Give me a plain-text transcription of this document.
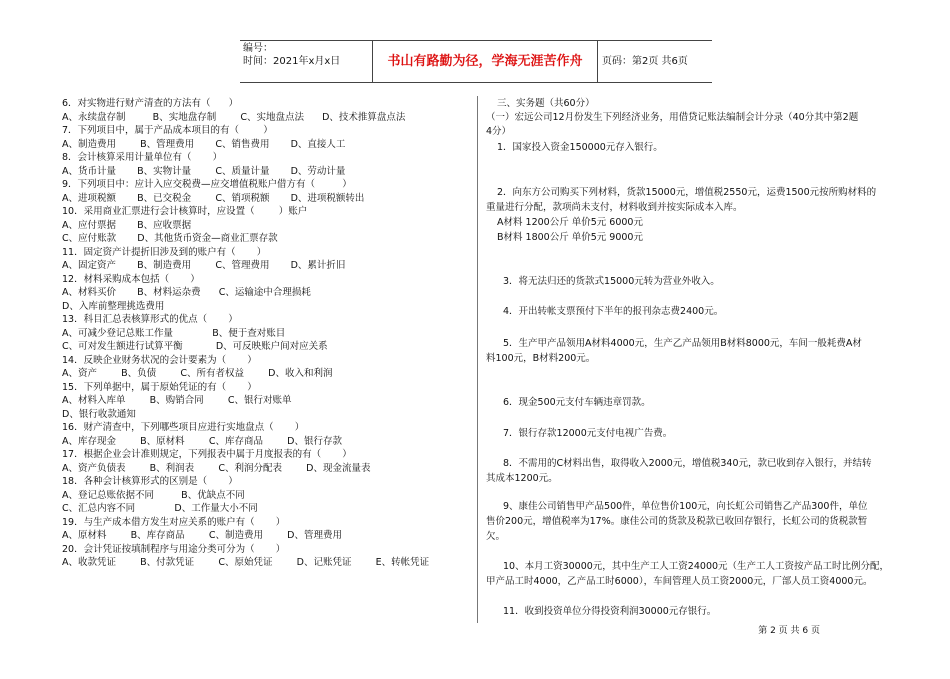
编号：
时间：2021年x月x日	书山有路勤为径，学海无涯苦作舟	页码：第2页 共6页
6．对实物进行财产清查的方法有（      ）
A、永续盘存制         B、实地盘存制        C、实地盘点法      D、技术推算盘点法
7．下列项目中，属于产品成本项目的有（        ）
A、制造费用        B、管理费用       C、销售费用       D、直接人工
8．会计核算采用计量单位有（       ）
A、货币计量       B、实物计量        C、质量计量       D、劳动计量
9．下列项目中：应计入应交税费—应交增值税账户借方有（         ）
A、进项税额       B、已交税金        C、销项税额       D、进项税额转出
10．采用商业汇票进行会计核算时，应设置（        ）账户
A、应付票据       B、应收票据
C、应付账款       D、其他货币资金—商业汇票存款
11．固定资产计提折旧涉及到的账户有（       ）
A、固定资产       B、制造费用        C、管理费用       D、累计折旧
12．材料采购成本包括（       ）
A、材料买价       B、材料运杂费      C、运输途中合理损耗
D、入库前整理挑选费用
13．科目汇总表核算形式的优点（       ）
A、可减少登记总账工作量             B、便于查对账目
C、可对发生额进行试算平衡           D、可反映账户间对应关系
14．反映企业财务状况的会计要素为（       ）
A、资产        B、负债        C、所有者权益        D、收入和利润
15．下列单据中，属于原始凭证的有（       ）
A、材料入库单        B、购销合同        C、银行对账单
D、银行收款通知
16．财产清查中，下列哪些项目应进行实地盘点（       ）
A、库存现金        B、原材料        C、库存商品        D、银行存款
17．根据企业会计准则规定，下列报表中属于月度报表的有（       ）
A、资产负债表        B、利润表        C、利润分配表        D、现金流量表
18．各种会计核算形式的区别是（       ）
A、登记总账依据不同         B、优缺点不同
C、汇总内容不同             D、工作量大小不同
19．与生产成本借方发生对应关系的账户有（       ）
A、原材料        B、库存商品        C、制造费用        D、管理费用
20．会计凭证按填制程序与用途分类可分为（       ）
A、收款凭证        B、付款凭证        C、原始凭证        D、记账凭证        E、转帐凭证
三、实务题（共60分）
（一）宏远公司12月份发生下列经济业务，用借贷记账法编制会计分录（40分其中第2题
4分）
1．国家投入资金150000元存入银行。
2．向东方公司购买下列材料，货款15000元，增值税2550元，运费1500元按所购材料的
重量进行分配，款项尚未支付，材料收到并按实际成本入库。
A材料 1200公斤 单价5元 6000元
B材料 1800公斤 单价5元 9000元
3．将无法归还的货款式15000元转为营业外收入。
4．开出转帐支票预付下半年的报刊杂志费2400元。
5．生产甲产品领用A材料4000元，生产乙产品领用B材料8000元，车间一般耗费A材
料100元，B材料200元。
6．现金500元支付车辆违章罚款。
7．银行存款12000元支付电视广告费。
8．不需用的C材料出售，取得收入2000元，增值税340元，款已收到存入银行，并结转
其成本1200元。
9、康佳公司销售甲产品500件，单位售价100元，向长虹公司销售乙产品300件，单位
售价200元，增值税率为17%。康佳公司的货款及税款已收回存银行，长虹公司的货税款暂
欠。
10、本月工资30000元，其中生产工人工资24000元（生产工人工资按产品工时比例分配，
甲产品工时4000，乙产品工时6000），车间管理人员工资2000元，厂部人员工资4000元。
11．收到投资单位分得投资利润30000元存银行。
第 2 页 共 6 页
